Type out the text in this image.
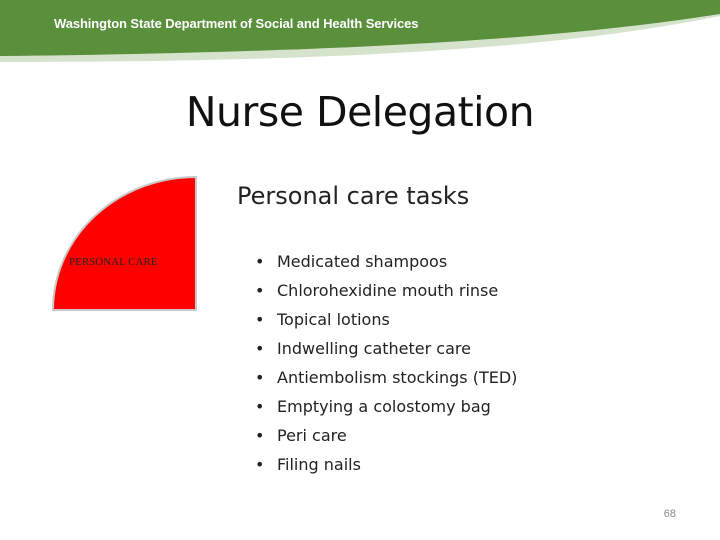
Washington State Department of Social and Health Services
Nurse Delegation
PERSONAL CARE
Personal care tasks
• Medicated shampoos
• Chlorohexidine mouth rinse
• Topical lotions
• Indwelling catheter care
• Antiembolism stockings (TED)
• Emptying a colostomy bag
• Peri care
• Filing nails
68
